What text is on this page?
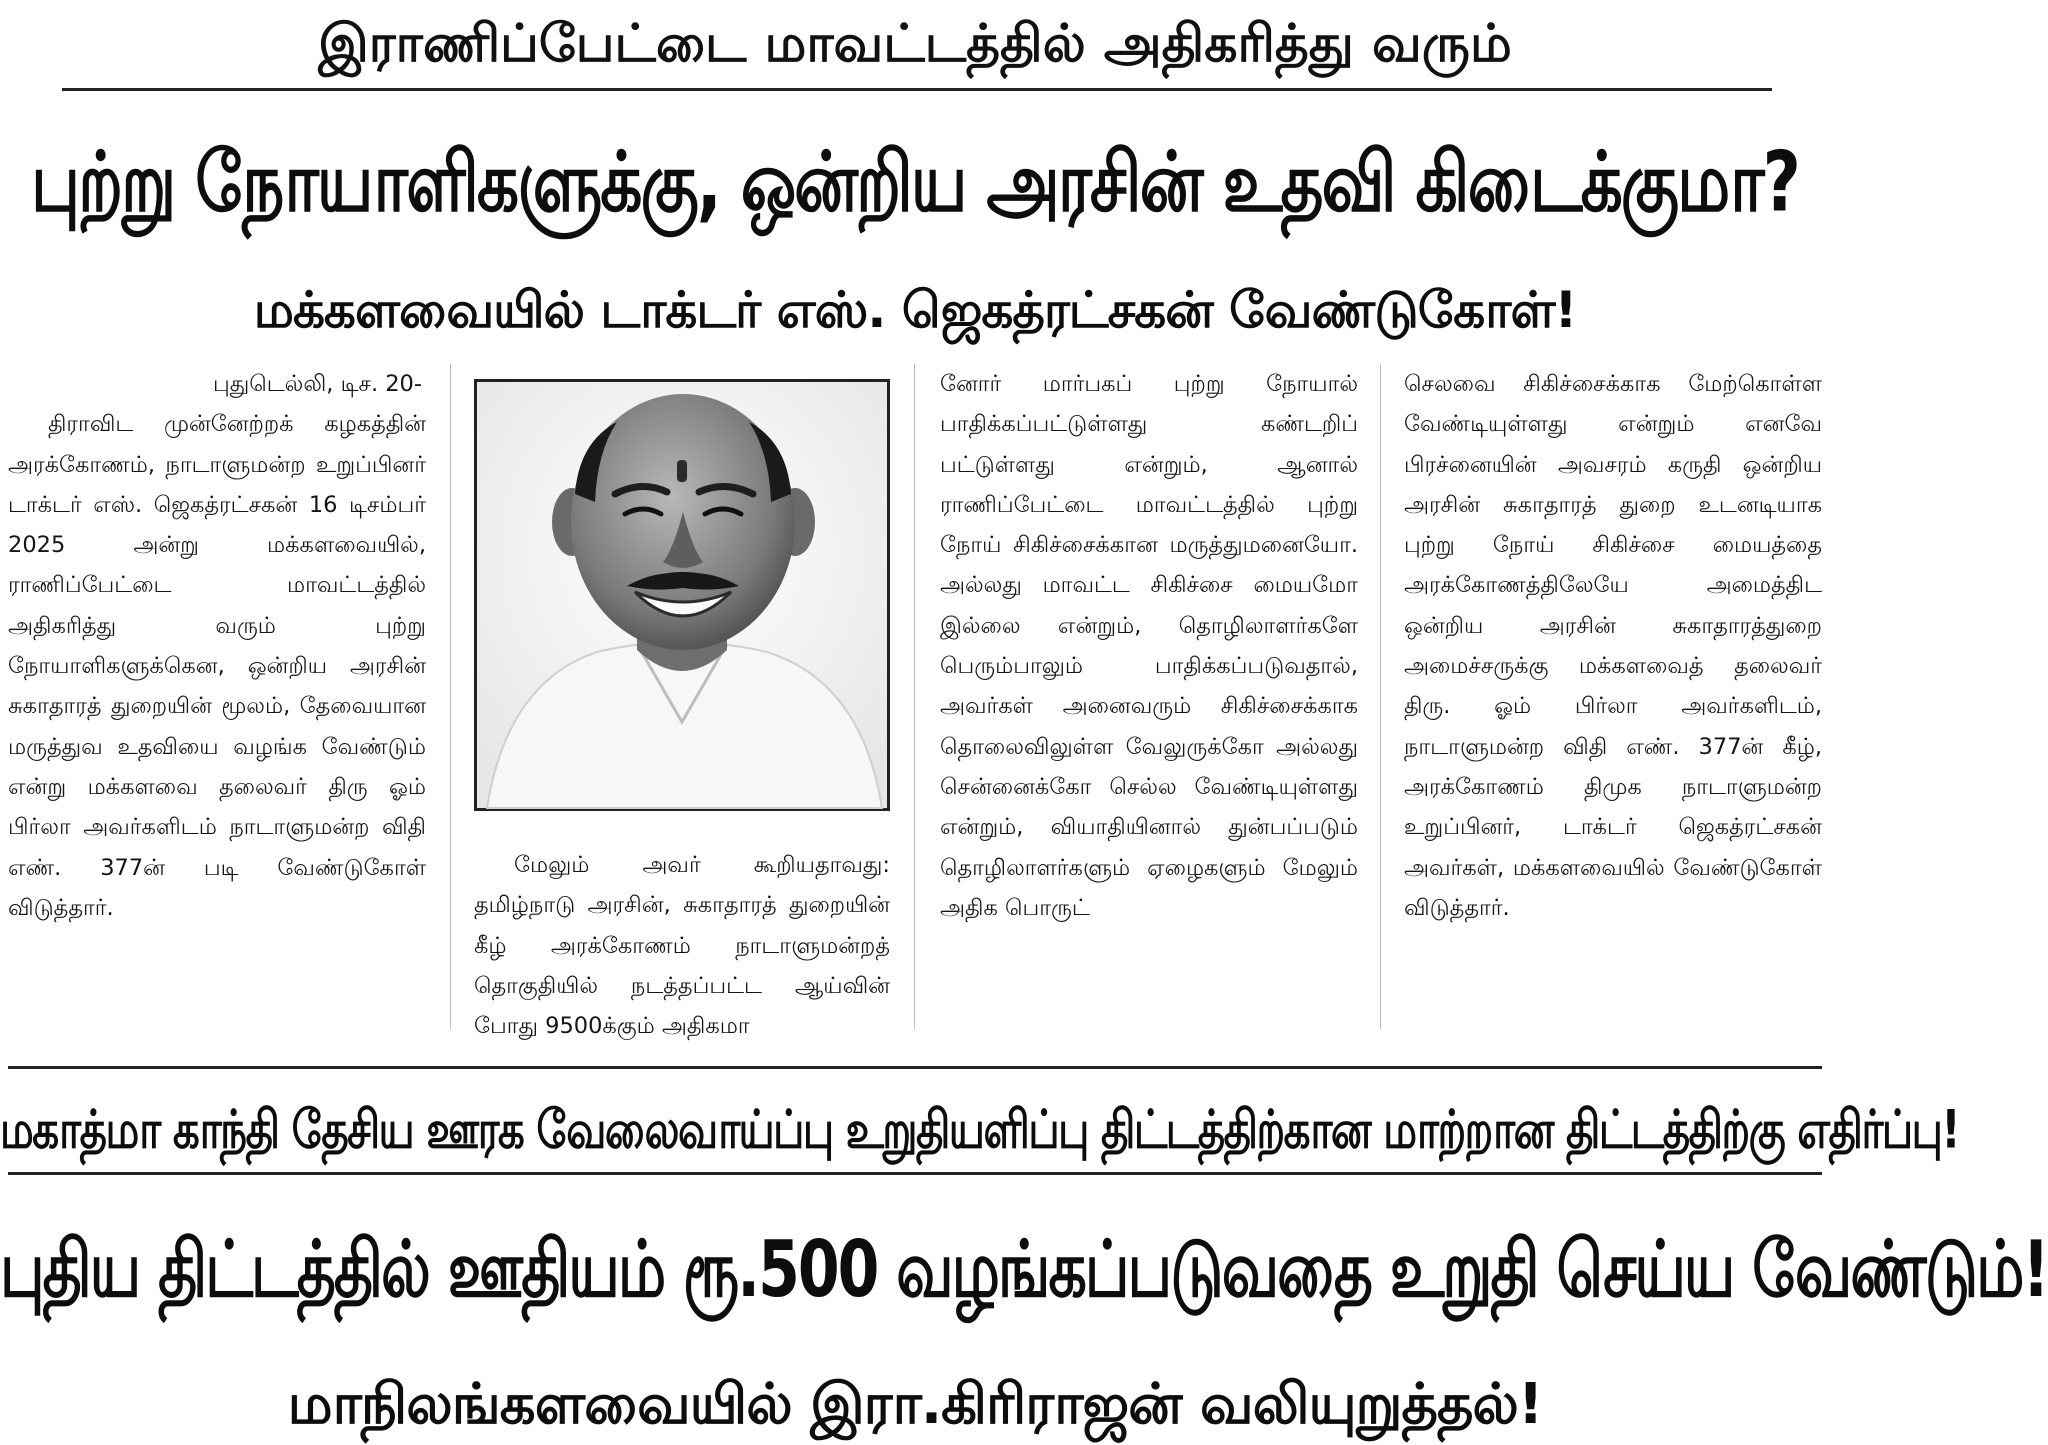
இராணிப்பேட்டை மாவட்டத்தில் அதிகரித்து வரும்
புற்று நோயாளிகளுக்கு, ஒன்றிய அரசின் உதவி கிடைக்குமா?
மக்களவையில் டாக்டர் எஸ். ஜெகத்ரட்சகன் வேண்டுகோள்!

புதுடெல்லி, டிச. 20-
திராவிட முன்னேற்றக் கழகத்தின் அரக்கோணம், நாடாளுமன்ற உறுப்பினர் டாக்டர் எஸ். ஜெகத்ரட்சகன் 16 டிசம்பர் 2025 அன்று மக்களவையில், ராணிப்பேட்டை மாவட்டத்தில் அதிகரித்து வரும் புற்று நோயாளிகளுக்கென, ஒன்றிய அரசின் சுகாதாரத் துறையின் மூலம், தேவையான மருத்துவ உதவியை வழங்க வேண்டும் என்று மக்களவை தலைவர் திரு ஓம் பிர்லா அவர்களிடம் நாடாளுமன்ற விதி எண். 377ன் படி வேண்டுகோள் விடுத்தார்.

மேலும் அவர் கூறியதாவது: தமிழ்நாடு அரசின், சுகாதாரத் துறையின் கீழ் அரக்கோணம் நாடாளுமன்றத் தொகுதியில் நடத்தப்பட்ட ஆய்வின் போது 9500க்கும் அதிகமா

னோர் மார்பகப் புற்று நோயால் பாதிக்கப்பட்டுள்ளது கண்டறிப் பட்டுள்ளது என்றும், ஆனால் ராணிப்பேட்டை மாவட்டத்தில் புற்று நோய் சிகிச்சைக்கான மருத்துமனையோ. அல்லது மாவட்ட சிகிச்சை மையமோ இல்லை என்றும், தொழிலாளர்களே பெரும்பாலும் பாதிக்கப்படுவதால், அவர்கள் அனைவரும் சிகிச்சைக்காக தொலைவிலுள்ள வேலுருக்கோ அல்லது சென்னைக்கோ செல்ல வேண்டியுள்ளது என்றும், வியாதியினால் துன்பப்படும் தொழிலாளர்களும் ஏழைகளும் மேலும் அதிக பொருட்

செலவை சிகிச்சைக்காக மேற்கொள்ள வேண்டியுள்ளது என்றும் எனவே பிரச்னையின் அவசரம் கருதி ஒன்றிய அரசின் சுகாதாரத் துறை உடனடியாக புற்று நோய் சிகிச்சை மையத்தை அரக்கோணத்திலேயே அமைத்திட ஒன்றிய அரசின் சுகாதாரத்துறை அமைச்சருக்கு மக்களவைத் தலைவர் திரு. ஓம் பிர்லா அவர்களிடம், நாடாளுமன்ற விதி எண். 377ன் கீழ், அரக்கோணம் திமுக நாடாளுமன்ற உறுப்பினர், டாக்டர் ஜெகத்ரட்சகன் அவர்கள், மக்களவையில் வேண்டுகோள் விடுத்தார்.

மகாத்மா காந்தி தேசிய ஊரக வேலைவாய்ப்பு உறுதியளிப்பு திட்டத்திற்கான மாற்றான திட்டத்திற்கு எதிர்ப்பு!
புதிய திட்டத்தில் ஊதியம் ரூ.500 வழங்கப்படுவதை உறுதி செய்ய வேண்டும்!
மாநிலங்களவையில் இரா.கிரிராஜன் வலியுறுத்தல்!
